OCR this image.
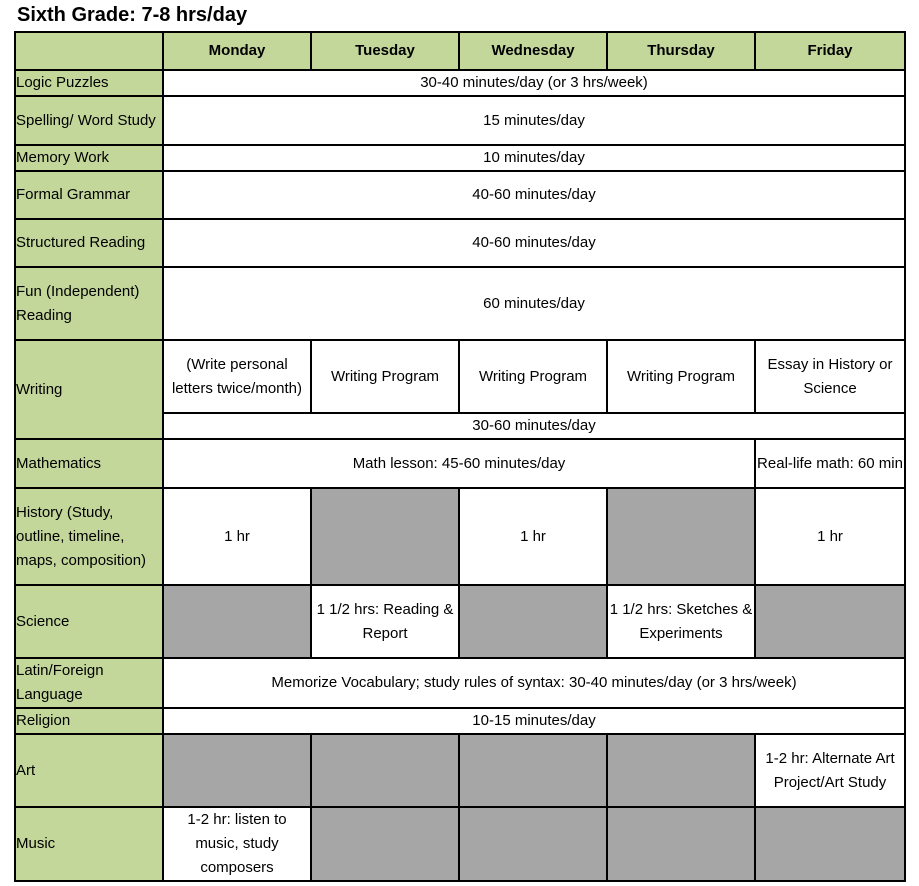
Sixth Grade: 7-8 hrs/day
	Monday	Tuesday	Wednesday	Thursday	Friday
Logic Puzzles	30-40 minutes/day (or 3 hrs/week)				
Spelling/ Word Study	15 minutes/day				
Memory Work	10 minutes/day				
Formal Grammar	40-60 minutes/day				
Structured Reading	40-60 minutes/day				
Fun (Independent) Reading	60 minutes/day				
Writing	(Write personal letters twice/month)	Writing Program	Writing Program	Writing Program	Essay in History or Science
	30-60 minutes/day				
Mathematics	Math lesson: 45-60 minutes/day				Real-life math: 60 min
History (Study, outline, timeline, maps, composition)	1 hr		1 hr		1 hr
Science		1 1/2 hrs: Reading & Report		1 1/2 hrs: Sketches & Experiments	
Latin/Foreign Language	Memorize Vocabulary; study rules of syntax: 30-40 minutes/day (or 3 hrs/week)				
Religion	10-15 minutes/day				
Art					1-2 hr: Alternate Art Project/Art Study
Music	1-2 hr: listen to music, study composers				
